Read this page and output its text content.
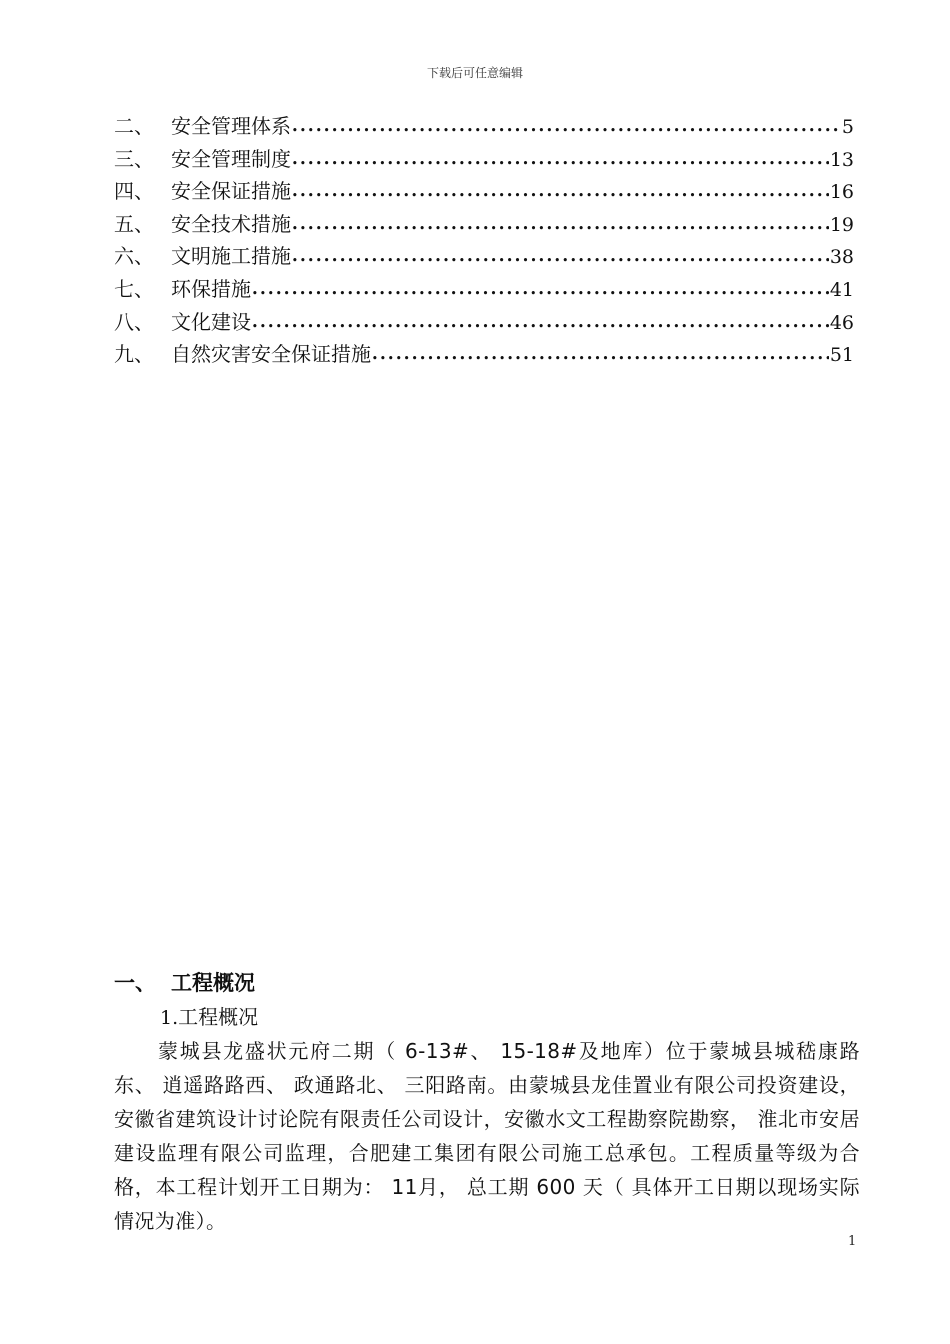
下载后可任意编辑
二、 安全管理体系 •••••	5
三、 安全管理制度 •••••	13
四、 安全保证措施 •••••	16
五、 安全技术措施 •••••	19
六、 文明施工措施 •••••	38
七、 环保措施 •••••	41
八、 文化建设 •••••	46
九、 自然灾害安全保证措施 •••••	51
一、 工程概况
1.工程概况

蒙城县龙盛状元府二期（ 6-13#、 15-18#及地库）位于蒙城县城嵇康路东、 逍遥路路西、 政通路北、 三阳路南。由蒙城县龙佳置业有限公司投资建设，安徽省建筑设计讨论院有限责任公司设计，安徽水文工程勘察院勘察， 淮北市安居建设监理有限公司监理，合肥建工集团有限公司施工总承包。工程质量等级为合格，本工程计划开工日期为： 11月， 总工期 600 天（ 具体开工日期以现场实际情况为准）。

1
